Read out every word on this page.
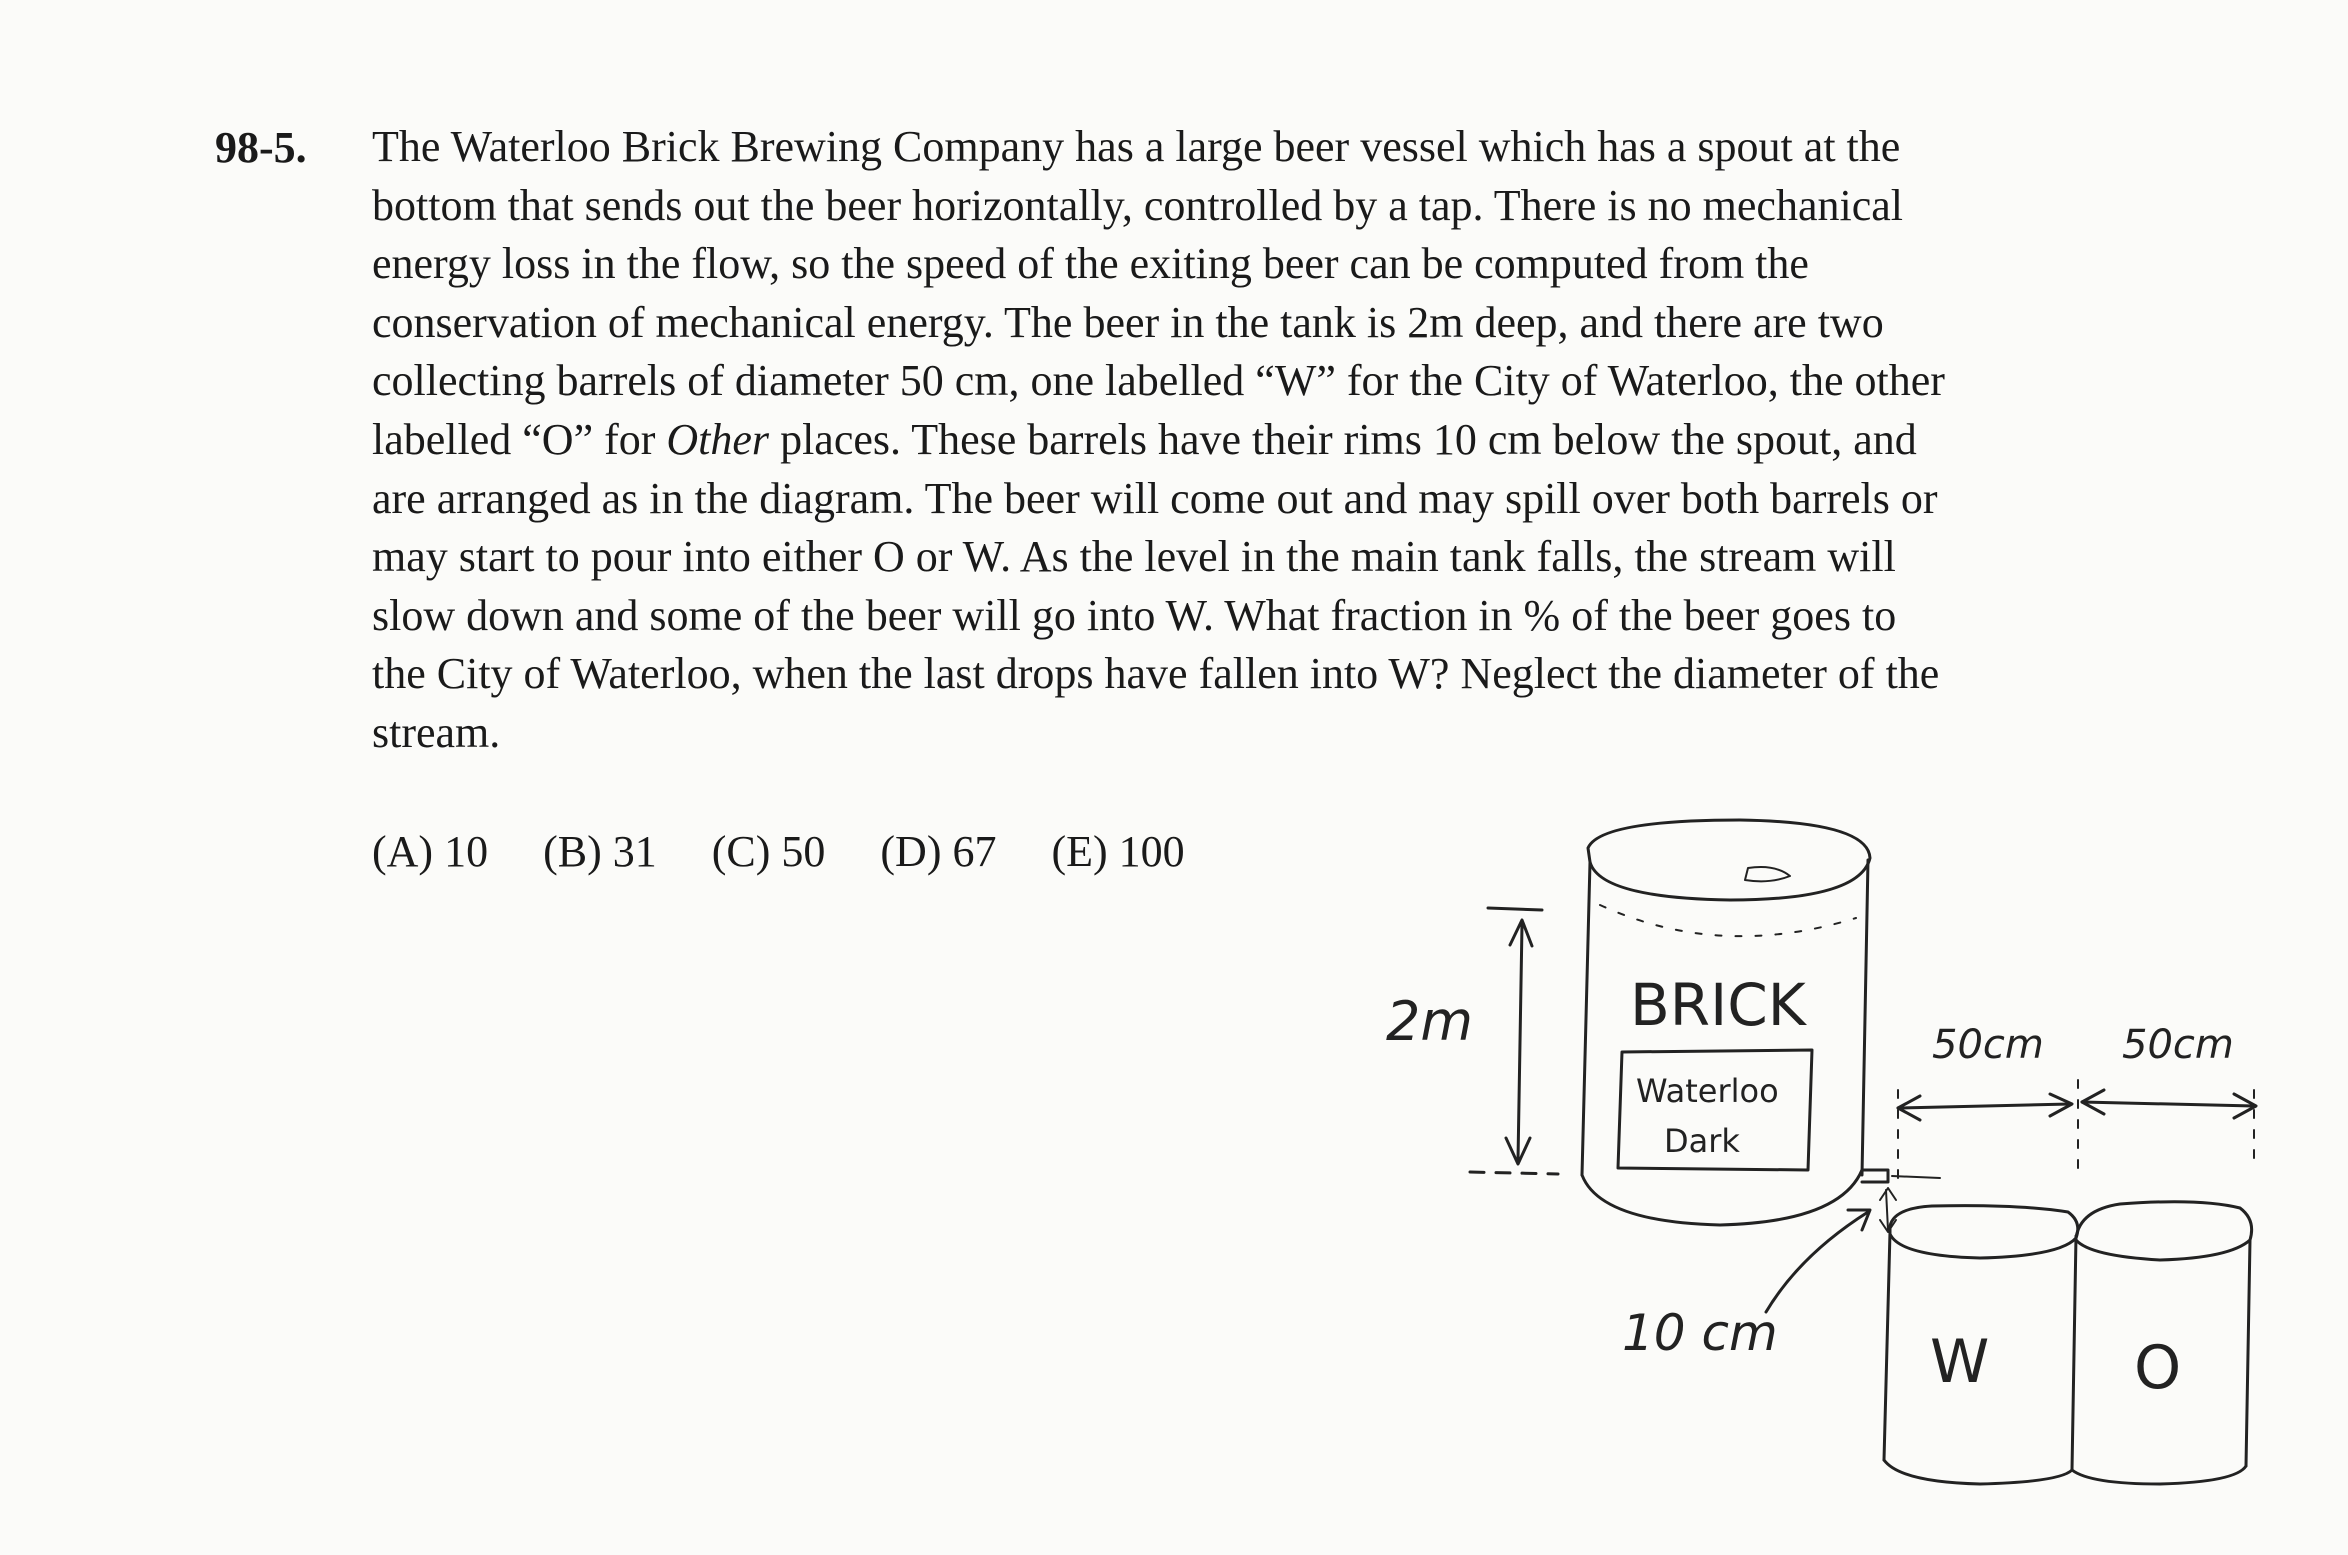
98-5. The Waterloo Brick Brewing Company has a large beer vessel which has a spout at the
bottom that sends out the beer horizontally, controlled by a tap. There is no mechanical
energy loss in the flow, so the speed of the exiting beer can be computed from the
conservation of mechanical energy. The beer in the tank is 2m deep, and there are two
collecting barrels of diameter 50 cm, one labelled “W” for the City of Waterloo, the other
labelled “O” for Other places. These barrels have their rims 10 cm below the spout, and
are arranged as in the diagram. The beer will come out and may spill over both barrels or
may start to pour into either O or W. As the level in the main tank falls, the stream will
slow down and some of the beer will go into W. What fraction in % of the beer goes to
the City of Waterloo, when the last drops have fallen into W? Neglect the diameter of the
stream.
(A) 10 (B) 31 (C) 50 (D) 67 (E) 100
2m	BRICK
Waterloo
Dark
10 cm
50cm 50cm
W O
